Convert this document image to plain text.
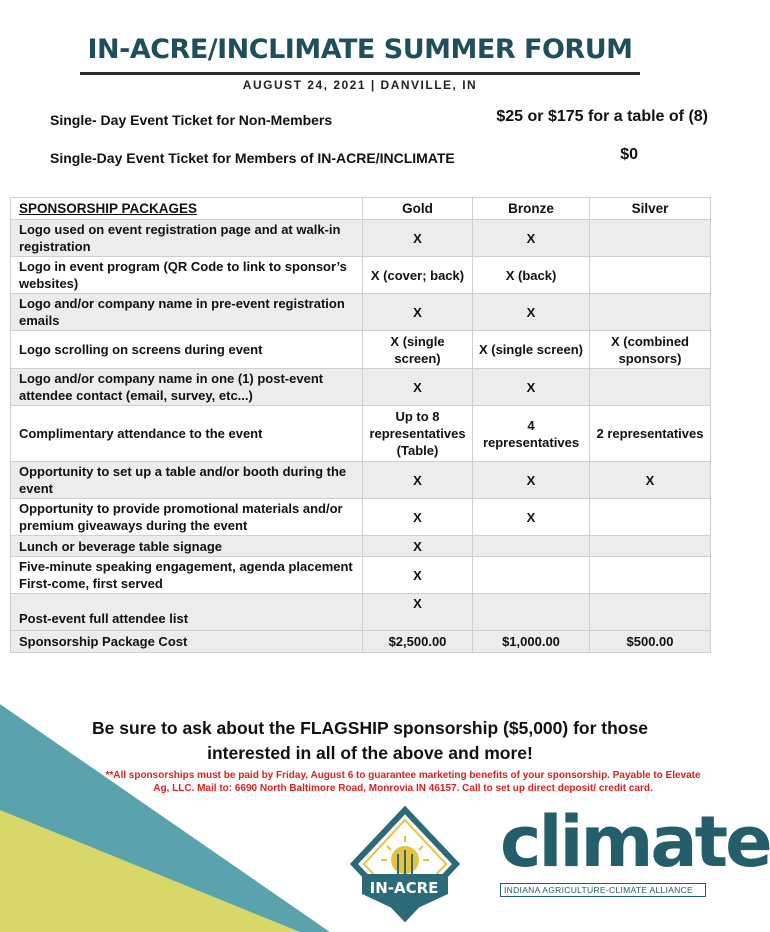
IN-ACRE/INCLIMATE SUMMER FORUM
AUGUST 24, 2021 | DANVILLE, IN
Single- Day Event Ticket for Non-Members	$25 or $175 for a table of (8)
Single-Day Event Ticket for Members of IN-ACRE/INCLIMATE	$0
SPONSORSHIP PACKAGES	Gold	Bronze	Silver
Logo used on event registration page and at walk-in registration	X	X	
Logo in event program (QR Code to link to sponsor’s websites)	X (cover; back)	X (back)	
Logo and/or company name in pre-event registration emails	X	X	
Logo scrolling on screens during event	X (single screen)	X (single screen)	X (combined sponsors)
Logo and/or company name in one (1) post-event attendee contact (email, survey, etc...)	X	X	
Complimentary attendance to the event	Up to 8 representatives (Table)	4 representatives	2 representatives
Opportunity to set up a table and/or booth during the event	X	X	X
Opportunity to provide promotional materials and/or premium giveaways during the event	X	X	
Lunch or beverage table signage	X		
Five-minute speaking engagement, agenda placement First-come, first served	X		
Post-event full attendee list	X		
Sponsorship Package Cost	$2,500.00	$1,000.00	$500.00
Be sure to ask about the FLAGSHIP sponsorship ($5,000) for those
interested in all of the above and more!
**All sponsorships must be paid by Friday, August 6 to guarantee marketing benefits of your sponsorship. Payable to Elevate Ag, LLC. Mail to: 6690 North Baltimore Road, Monrovia IN 46157. Call to set up direct deposit/ credit card.
IN-ACRE
climate
INDIANA AGRICULTURE-CLIMATE ALLIANCE
